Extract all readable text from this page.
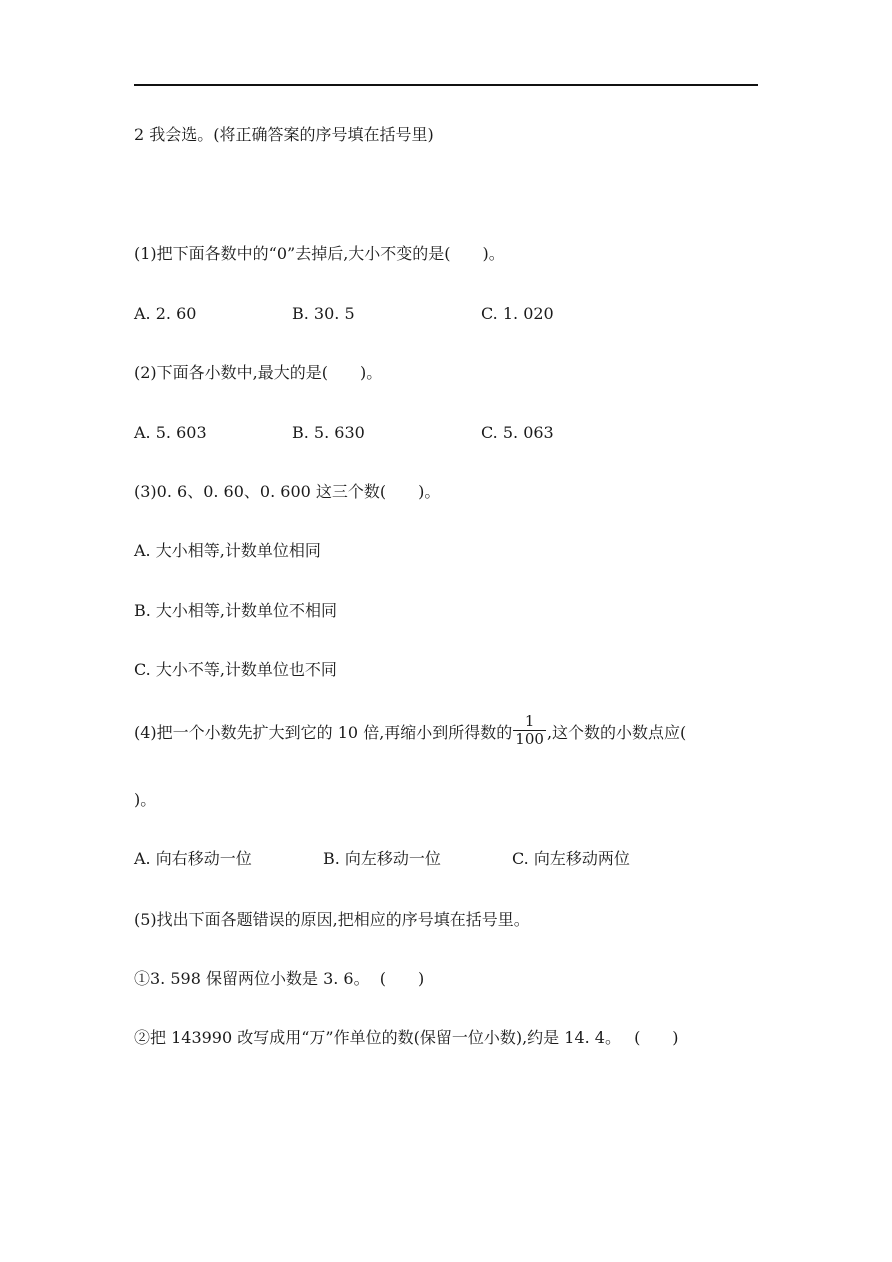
2 我会选。(将正确答案的序号填在括号里)
(1)把下面各数中的“0”去掉后,大小不变的是(　　)。
A. 2. 60	B. 30. 5	C. 1. 020
(2)下面各小数中,最大的是(　　)。
A. 5. 603	B. 5. 630	C. 5. 063
(3)0. 6、0. 60、0. 600 这三个数(　　)。
A. 大小相等,计数单位相同
B. 大小相等,计数单位不相同
C. 大小不等,计数单位也不同
(4)把一个小数先扩大到它的 10 倍,再缩小到所得数的 $\frac{1}{100}$ ,这个数的小数点应(
)。
A. 向右移动一位	B. 向左移动一位	C. 向左移动两位
(5)找出下面各题错误的原因,把相应的序号填在括号里。
①3. 598 保留两位小数是 3. 6。  (　　)
②把 143990 改写成用“万”作单位的数(保留一位小数),约是 14. 4。　 (　　)
